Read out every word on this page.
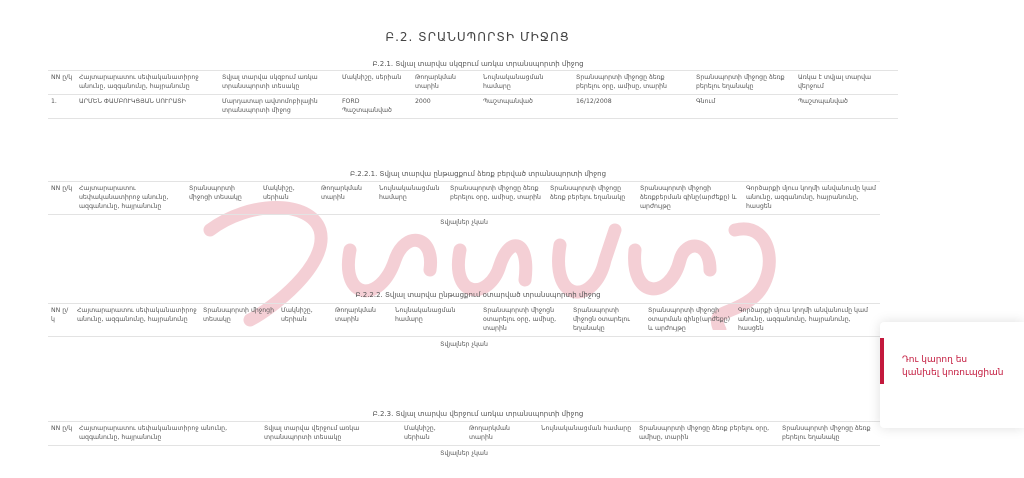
Բ.2. ՏՐԱՆՍՊՈՐՏԻ ՄԻՋՈՑ
Բ.2.1. Տվյալ տարվա սկզբում առկա տրանսպորտի միջոց
NN ը/կ	Հայտարարատու սեփականատիրոջ անունը, ազգանունը, հայրանունը	Տվյալ տարվա սկզբում առկա տրանսպորտի տեսակը	Մակնիշը, սերիան	Թողարկման տարին	Նույնականացման համարը	Տրանսպորտի միջոցը ձեռք բերելու օրը, ամիսը, տարին	Տրանսպորտի միջոցը ձեռք բերելու եղանակը	Առկա է տվյալ տարվա վերջում
1.	ԱՐՄԵՆ ՓԱՄԲՈՒԿՑՅԱՆ ՍՈՒՐԱՏԻ	Մարդատար ավտոմոբիլային տրանսպորտի միջոց	FORD Պաշտպանված	2000	Պաշտպանված	16/12/2008	Գնում	Պաշտպանված
Բ.2.2.1. Տվյալ տարվա ընթացքում ձեռք բերված տրանսպորտի միջոց
NN ը/կ	Հայտարարատու սեփականատիրոջ անունը, ազգանունը, հայրանունը	Տրանսպորտի միջոցի տեսակը	Մակնիշը, սերիան	Թողարկման տարին	Նույնականացման համարը	Տրանսպորտի միջոցը ձեռք բերելու օրը, ամիսը, տարին	Տրանսպորտի միջոցը ձեռք բերելու եղանակը	Տրանսպորտի միջոցի ձեռքբերման գինը(արժեքը) և արժույթը	Գործարքի մյուս կողմի անվանումը կամ անունը, ազգանունը, հայրանունը, հասցեն
Տվյալներ չկան
Բ.2.2.2. Տվյալ տարվա ընթացքում օտարված տրանսպորտի միջոց
NN ը/կ	Հայտարարատու սեփականատիրոջ անունը, ազգանունը, հայրանունը	Տրանսպորտի միջոցի տեսակը	Մակնիշը, սերիան	Թողարկման տարին	Նույնականացման համարը	Տրանսպորտի միջոցն օտարելու օրը, ամիսը, տարին	Տրանսպորտի միջոցն օտարելու եղանակը	Տրանսպորտի միջոցի օտարման գինը(արժեքը) և արժույթը	Գործարքի մյուս կողմի անվանումը կամ անունը, ազգանունը, հայրանունը, հասցեն
Տվյալներ չկան
Բ.2.3. Տվյալ տարվա վերջում առկա տրանսպորտի միջոց
NN ը/կ	Հայտարարատու սեփականատիրոջ անունը, ազգանունը, հայրանունը	Տվյալ տարվա վերջում առկա տրանսպորտի տեսակը	Մակնիշը, սերիան	Թողարկման տարին	Նույնականացման համարը	Տրանսպորտի միջոցը ձեռք բերելու օրը, ամիսը, տարին	Տրանսպորտի միջոցը ձեռք բերելու եղանակը
Տվյալներ չկան
Դու կարող ես
կանխել կոռուպցիան
